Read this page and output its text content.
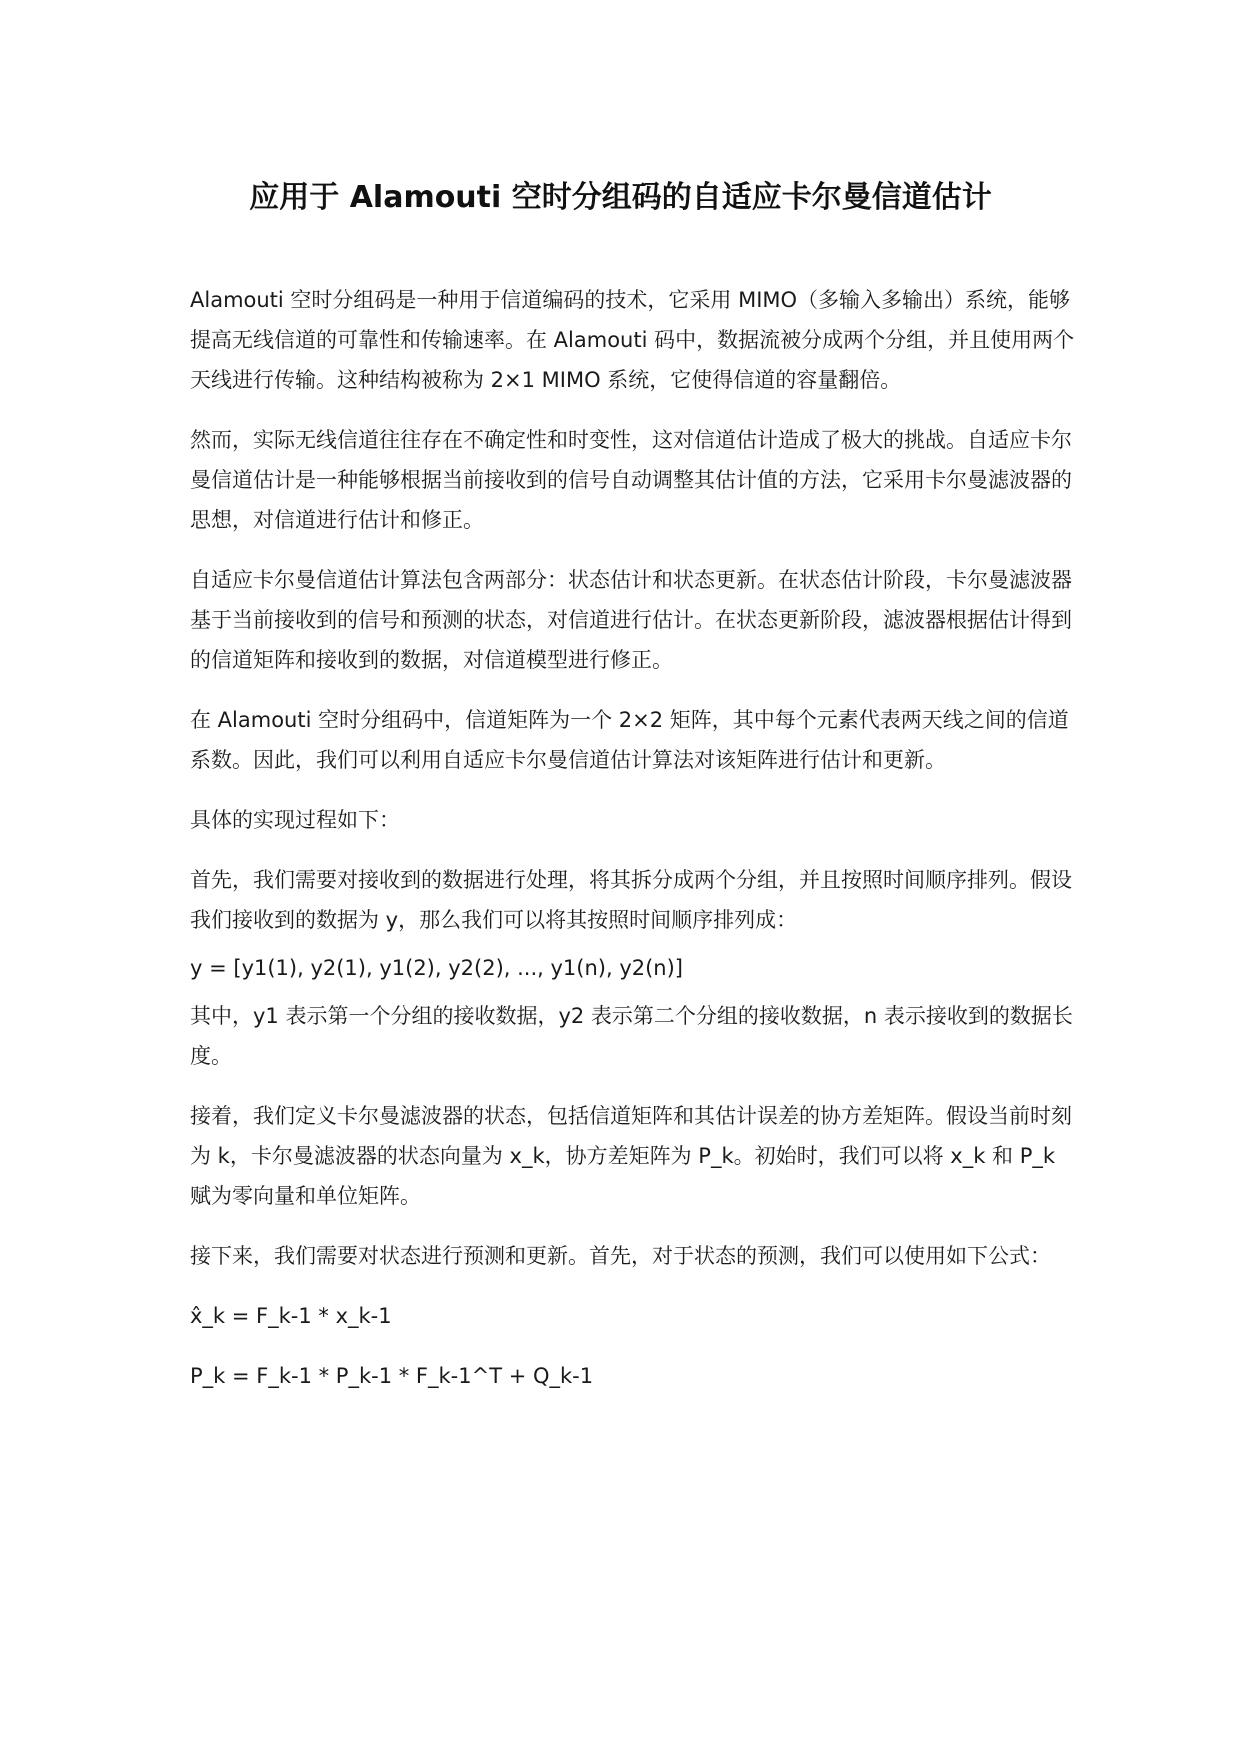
应用于 Alamouti 空时分组码的自适应卡尔曼信道估计

Alamouti 空时分组码是一种用于信道编码的技术，它采用 MIMO（多输入多输出）系统，能够提高无线信道的可靠性和传输速率。在 Alamouti 码中，数据流被分成两个分组，并且使用两个天线进行传输。这种结构被称为 2×1 MIMO 系统，它使得信道的容量翻倍。

然而，实际无线信道往往存在不确定性和时变性，这对信道估计造成了极大的挑战。自适应卡尔曼信道估计是一种能够根据当前接收到的信号自动调整其估计值的方法，它采用卡尔曼滤波器的思想，对信道进行估计和修正。

自适应卡尔曼信道估计算法包含两部分：状态估计和状态更新。在状态估计阶段，卡尔曼滤波器基于当前接收到的信号和预测的状态，对信道进行估计。在状态更新阶段，滤波器根据估计得到的信道矩阵和接收到的数据，对信道模型进行修正。

在 Alamouti 空时分组码中，信道矩阵为一个 2×2 矩阵，其中每个元素代表两天线之间的信道系数。因此，我们可以利用自适应卡尔曼信道估计算法对该矩阵进行估计和更新。

具体的实现过程如下：

首先，我们需要对接收到的数据进行处理，将其拆分成两个分组，并且按照时间顺序排列。假设我们接收到的数据为 y，那么我们可以将其按照时间顺序排列成：

y = [y1(1), y2(1), y1(2), y2(2), ..., y1(n), y2(n)]

其中，y1 表示第一个分组的接收数据，y2 表示第二个分组的接收数据，n 表示接收到的数据长度。

接着，我们定义卡尔曼滤波器的状态，包括信道矩阵和其估计误差的协方差矩阵。假设当前时刻为 k，卡尔曼滤波器的状态向量为 x_k，协方差矩阵为 P_k。初始时，我们可以将 x_k 和 P_k 赋为零向量和单位矩阵。

接下来，我们需要对状态进行预测和更新。首先，对于状态的预测，我们可以使用如下公式：

x̂_k = F_k-1 * x_k-1

P_k = F_k-1 * P_k-1 * F_k-1^T + Q_k-1
